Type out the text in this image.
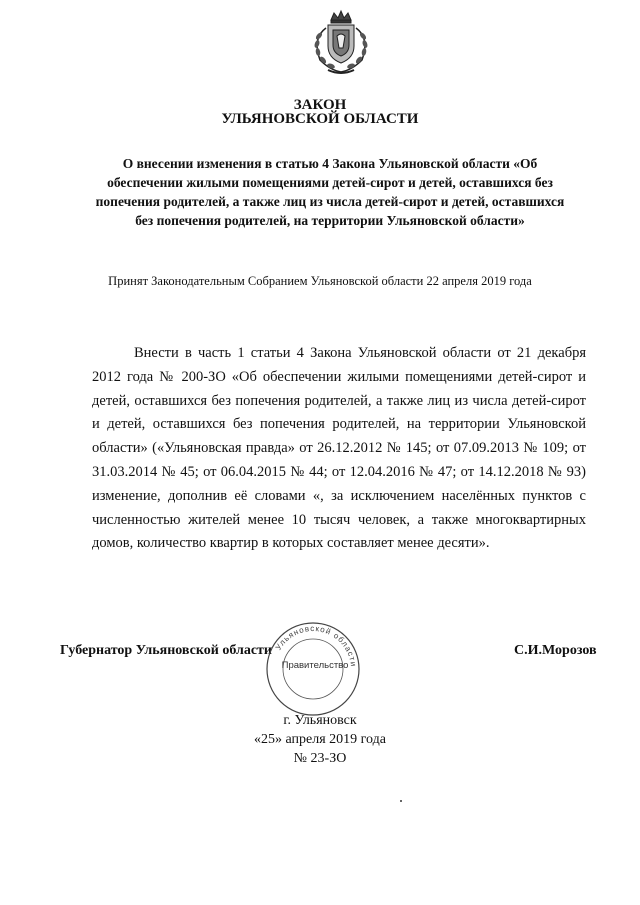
ЗАКОН
УЛЬЯНОВСКОЙ ОБЛАСТИ
О внесении изменения в статью 4 Закона Ульяновской области «Об обеспечении жилыми помещениями детей-сирот и детей, оставшихся без попечения родителей, а также лиц из числа детей-сирот и детей, оставшихся без попечения родителей, на территории Ульяновской области»
Принят Законодательным Собранием Ульяновской области 22 апреля 2019 года

Внести в часть 1 статьи 4 Закона Ульяновской области от 21 декабря 2012 года № 200-ЗО «Об обеспечении жилыми помещениями детей-сирот и детей, оставшихся без попечения родителей, а также лиц из числа детей-сирот и детей, оставшихся без попечения родителей, на территории Ульяновской области» («Ульяновская правда» от 26.12.2012 № 145; от 07.09.2013 № 109; от 31.03.2014 № 45; от 06.04.2015 № 44; от 12.04.2016 № 47; от 14.12.2018 № 93) изменение, дополнив её словами «, за исключением населённых пунктов с численностью жителей менее 10 тысяч человек, а также многоквартирных домов, количество квартир в которых составляет менее десяти».

Губернатор Ульяновской области	С.И.Морозов
Ульяновской области
Правительство
г. Ульяновск
«25» апреля 2019 года
№ 23-ЗО
